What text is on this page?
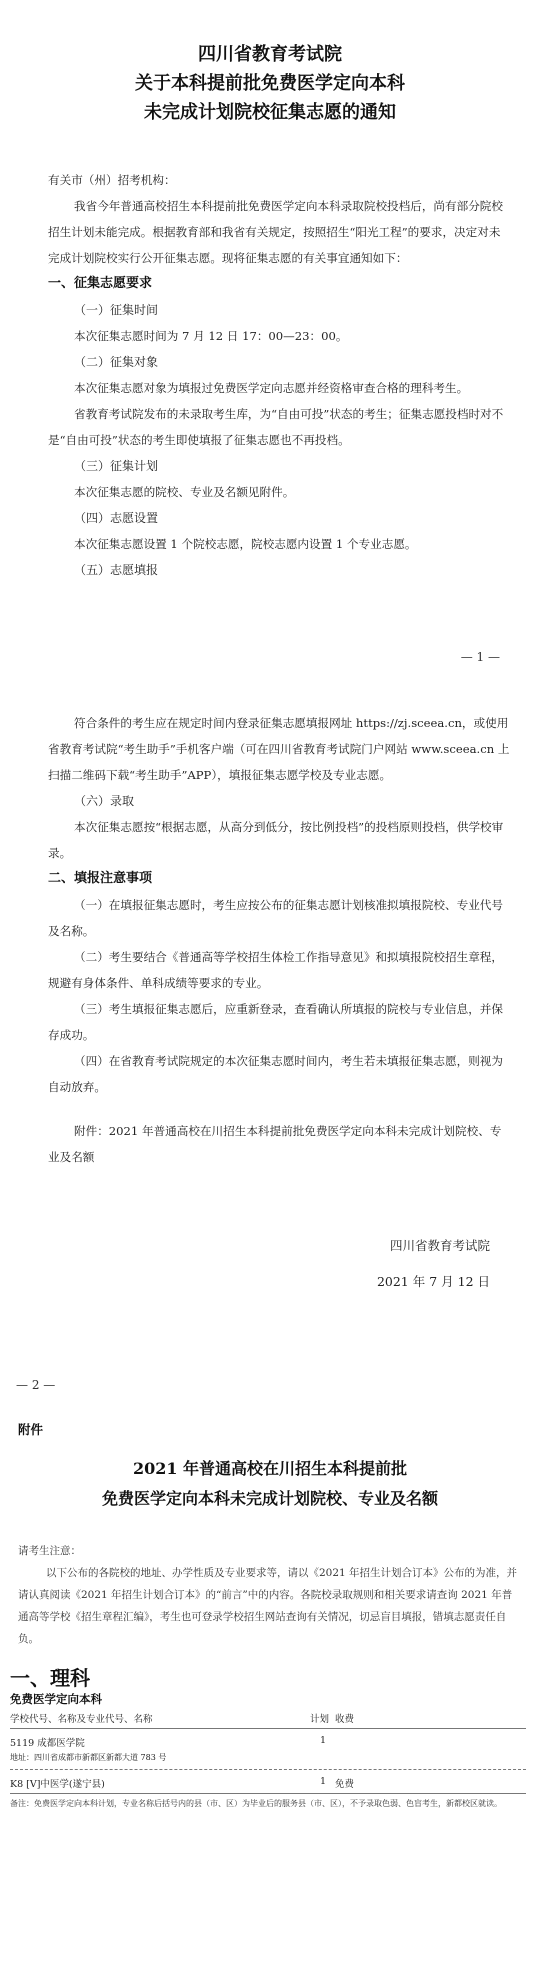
四川省教育考试院
关于本科提前批免费医学定向本科
未完成计划院校征集志愿的通知
有关市（州）招考机构：
我省今年普通高校招生本科提前批免费医学定向本科录取院校投档后，尚有部分院校招生计划未能完成。根据教育部和我省有关规定，按照招生“阳光工程”的要求，决定对未完成计划院校实行公开征集志愿。现将征集志愿的有关事宜通知如下：
一、征集志愿要求
（一）征集时间
本次征集志愿时间为 7 月 12 日 17：00—23：00。
（二）征集对象
本次征集志愿对象为填报过免费医学定向志愿并经资格审查合格的理科考生。
省教育考试院发布的未录取考生库，为“自由可投”状态的考生；征集志愿投档时对不是“自由可投”状态的考生即使填报了征集志愿也不再投档。
（三）征集计划
本次征集志愿的院校、专业及名额见附件。
（四）志愿设置
本次征集志愿设置 1 个院校志愿，院校志愿内设置 1 个专业志愿。
（五）志愿填报
— 1 —
符合条件的考生应在规定时间内登录征集志愿填报网址 https://zj.sceea.cn，或使用省教育考试院“考生助手”手机客户端（可在四川省教育考试院门户网站 www.sceea.cn 上扫描二维码下载“考生助手”APP），填报征集志愿学校及专业志愿。
（六）录取
本次征集志愿按“根据志愿，从高分到低分，按比例投档”的投档原则投档，供学校审录。
二、填报注意事项
（一）在填报征集志愿时，考生应按公布的征集志愿计划核准拟填报院校、专业代号及名称。
（二）考生要结合《普通高等学校招生体检工作指导意见》和拟填报院校招生章程，规避有身体条件、单科成绩等要求的专业。
（三）考生填报征集志愿后，应重新登录，查看确认所填报的院校与专业信息，并保存成功。
（四）在省教育考试院规定的本次征集志愿时间内，考生若未填报征集志愿，则视为自动放弃。
附件：2021 年普通高校在川招生本科提前批免费医学定向本科未完成计划院校、专业及名额
四川省教育考试院
2021 年 7 月 12 日
— 2 —
附件
2021 年普通高校在川招生本科提前批
免费医学定向本科未完成计划院校、专业及名额
请考生注意：
以下公布的各院校的地址、办学性质及专业要求等，请以《2021 年招生计划合订本》公布的为准，并请认真阅读《2021 年招生计划合订本》的“前言”中的内容。各院校录取规则和相关要求请查询 2021 年普通高等学校《招生章程汇编》，考生也可登录学校招生网站查询有关情况，切忌盲目填报，错填志愿责任自负。
一、理科
免费医学定向本科
学校代号、名称及专业代号、名称	计划 收费
5119 成都医学院	1
地址：四川省成都市新都区新都大道 783 号
K8 [V]中医学(遂宁县)	1 免费
备注：免费医学定向本科计划，专业名称后括号内的县（市、区）为毕业后的服务县（市、区），不予录取色弱、色盲考生，新都校区就读。
